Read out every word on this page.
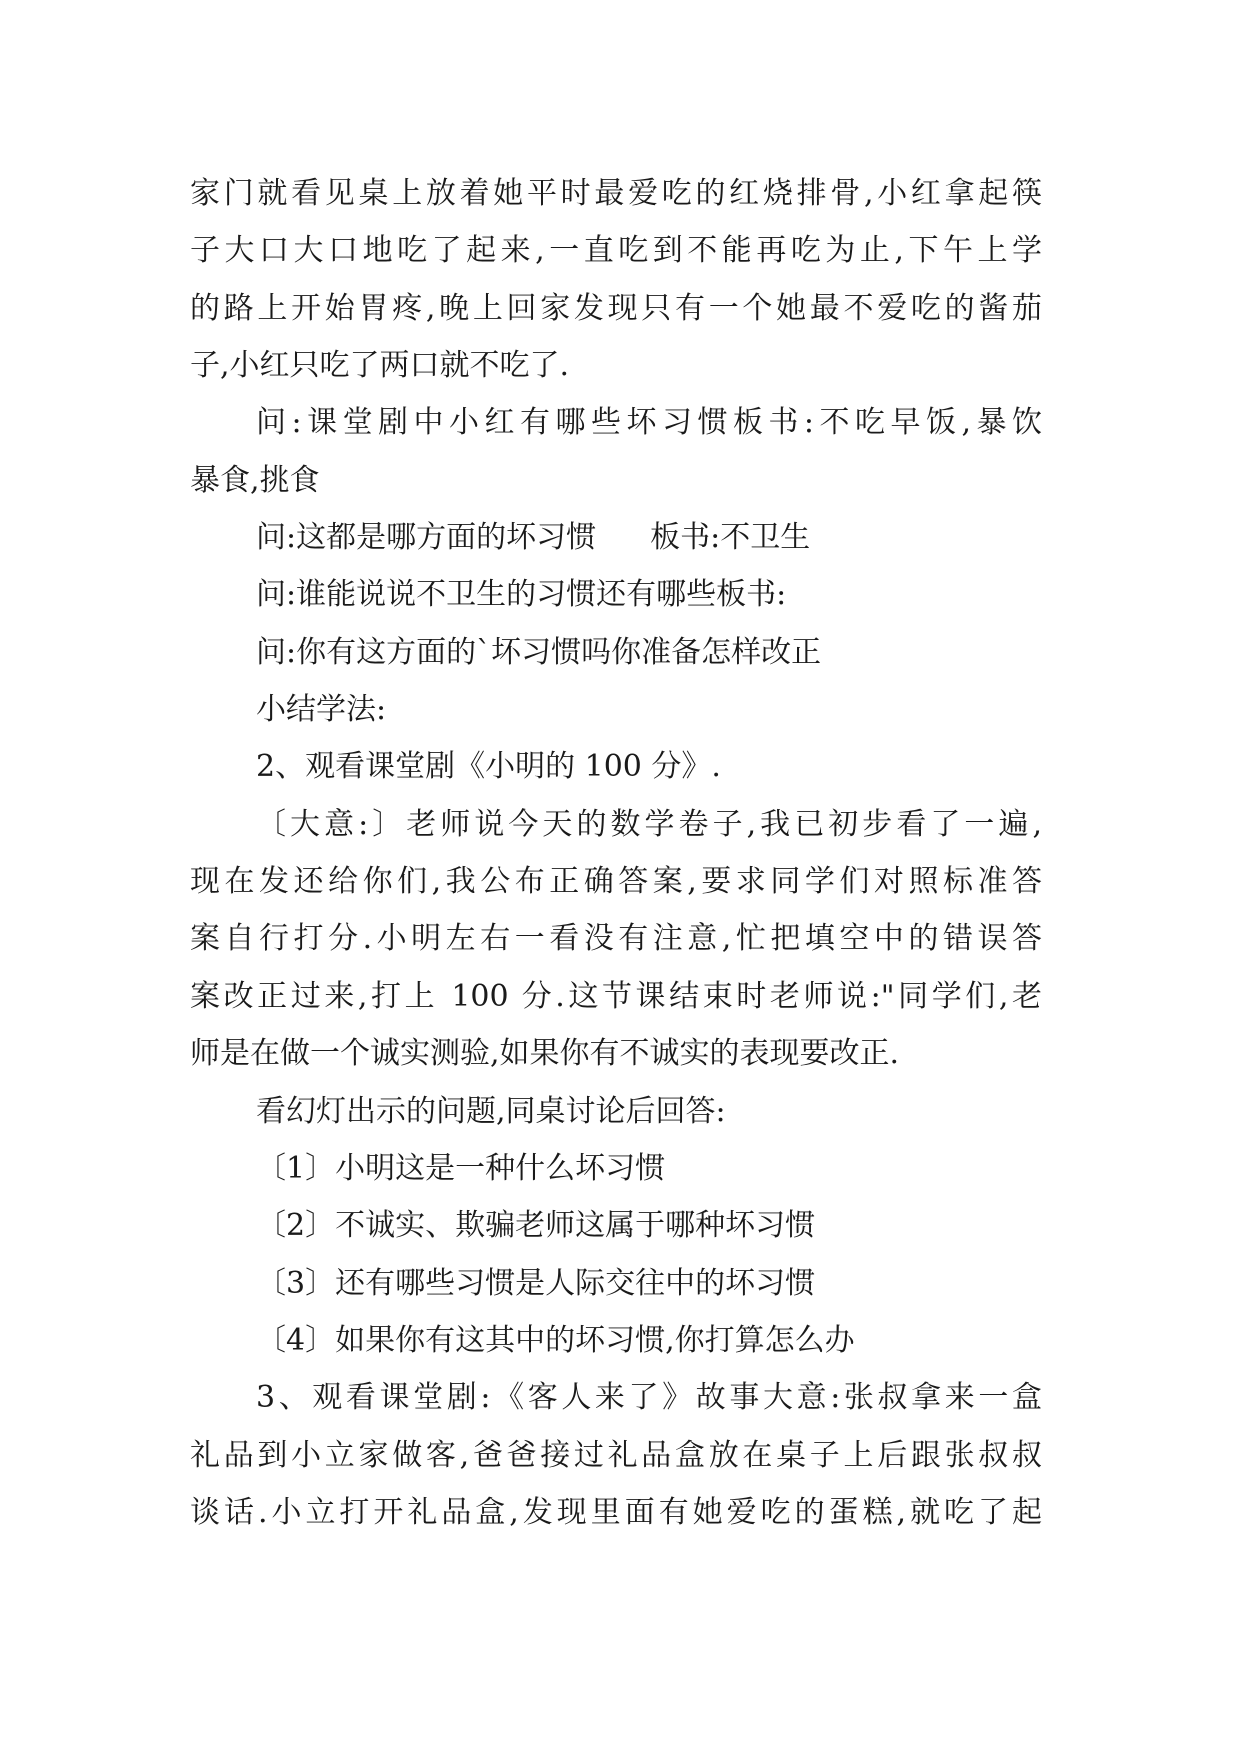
家门就看见桌上放着她平时最爱吃的红烧排骨,小红拿起筷
子大口大口地吃了起来,一直吃到不能再吃为止,下午上学
的路上开始胃疼,晚上回家发现只有一个她最不爱吃的酱茄
子,小红只吃了两口就不吃了.
问:课堂剧中小红有哪些坏习惯板书:不吃早饭,暴饮
暴食,挑食
问:这都是哪方面的坏习惯 板书:不卫生
问:谁能说说不卫生的习惯还有哪些板书:
问:你有这方面的`坏习惯吗你准备怎样改正
小结学法:
2、观看课堂剧《小明的 100 分》.
〔大意:〕老师说今天的数学卷子,我已初步看了一遍,
现在发还给你们,我公布正确答案,要求同学们对照标准答
案自行打分.小明左右一看没有注意,忙把填空中的错误答
案改正过来,打上 100 分.这节课结束时老师说:"同学们,老
师是在做一个诚实测验,如果你有不诚实的表现要改正.
看幻灯出示的问题,同桌讨论后回答:
〔1〕小明这是一种什么坏习惯
〔2〕不诚实、欺骗老师这属于哪种坏习惯
〔3〕还有哪些习惯是人际交往中的坏习惯
〔4〕如果你有这其中的坏习惯,你打算怎么办
3、观看课堂剧:《客人来了》故事大意:张叔拿来一盒
礼品到小立家做客,爸爸接过礼品盒放在桌子上后跟张叔叔
谈话.小立打开礼品盒,发现里面有她爱吃的蛋糕,就吃了起
